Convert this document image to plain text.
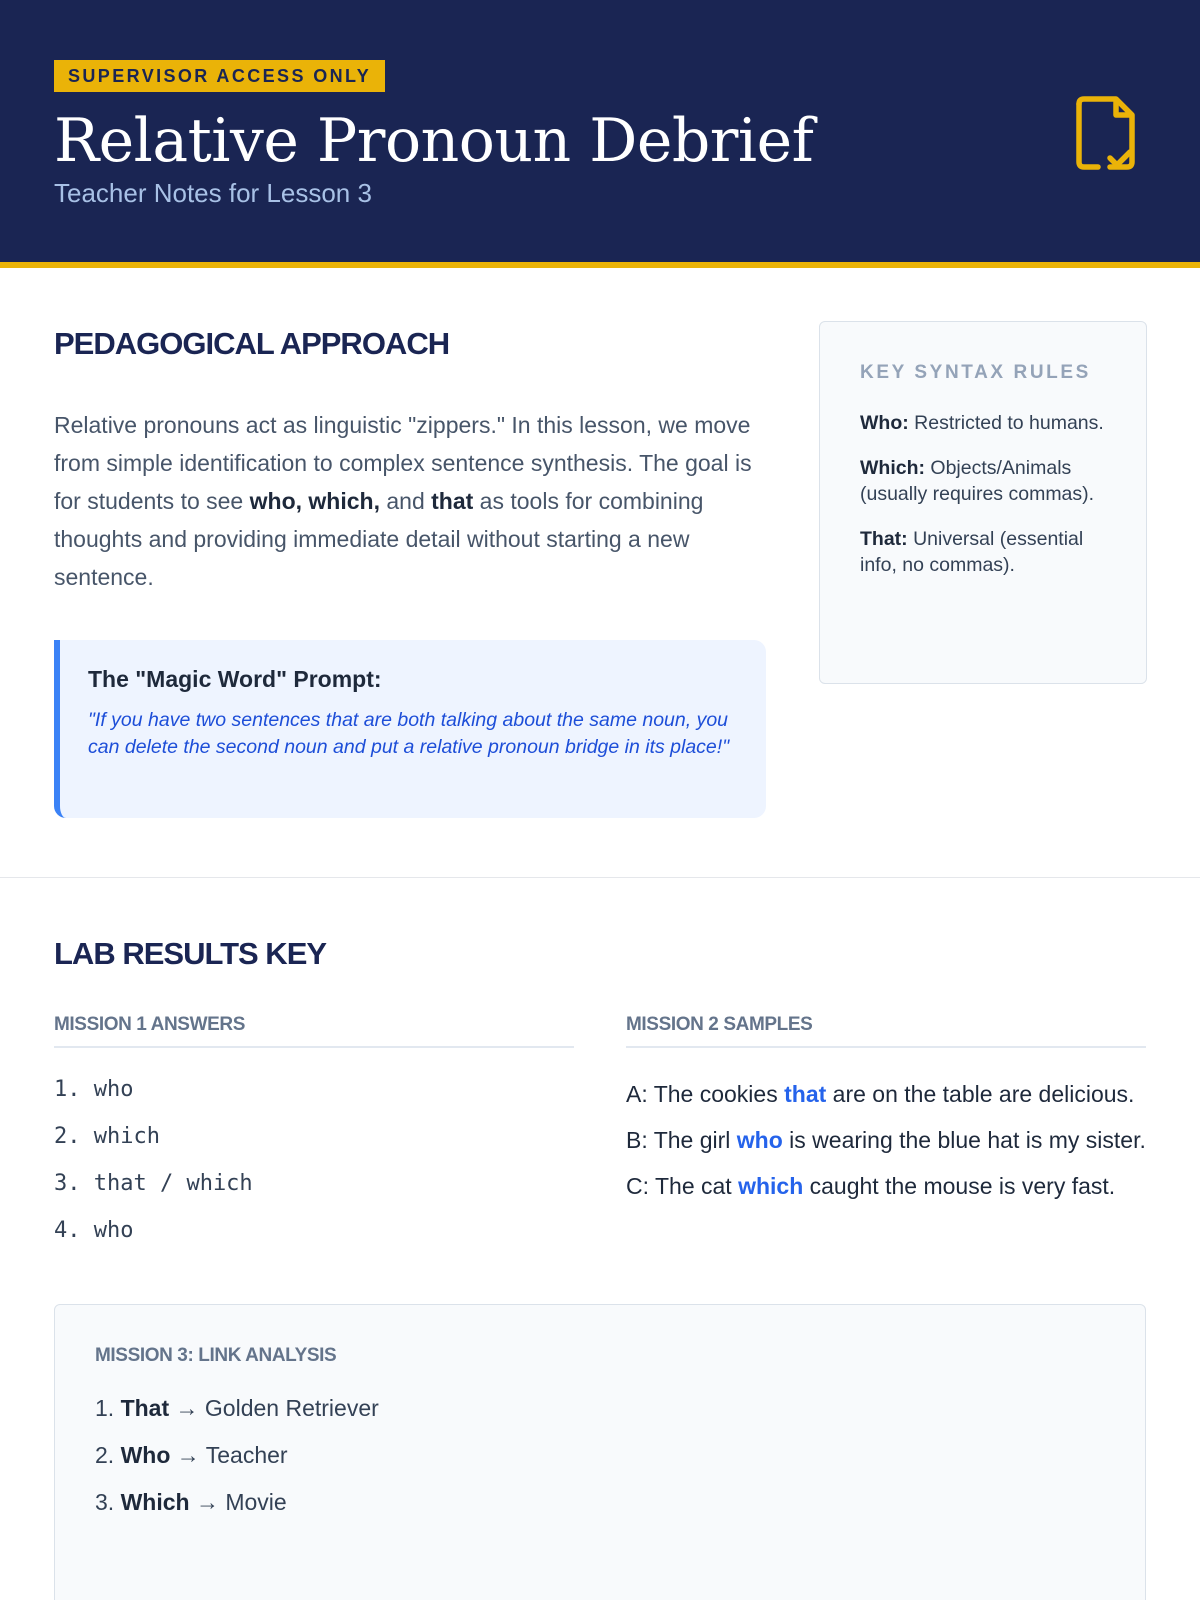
SUPERVISOR ACCESS ONLY
Relative Pronoun Debrief
Teacher Notes for Lesson 3
PEDAGOGICAL APPROACH

Relative pronouns act as linguistic "zippers." In this lesson, we move from simple identification to complex sentence synthesis. The goal is for students to see who, which, and that as tools for combining thoughts and providing immediate detail without starting a new sentence.

The "Magic Word" Prompt:
"If you have two sentences that are both talking about the same noun, you can delete the second noun and put a relative pronoun bridge in its place!"
KEY SYNTAX RULES

Who: Restricted to humans.

Which: Objects/Animals (usually requires commas).

That: Universal (essential info, no commas).

LAB RESULTS KEY
MISSION 1 ANSWERS
1. who
2. which
3. that / which
4. who
MISSION 2 SAMPLES

A: The cookies that are on the table are delicious.

B: The girl who is wearing the blue hat is my sister.

C: The cat which caught the mouse is very fast.

MISSION 3: LINK ANALYSIS

1. That → Golden Retriever

2. Who → Teacher

3. Which → Movie
